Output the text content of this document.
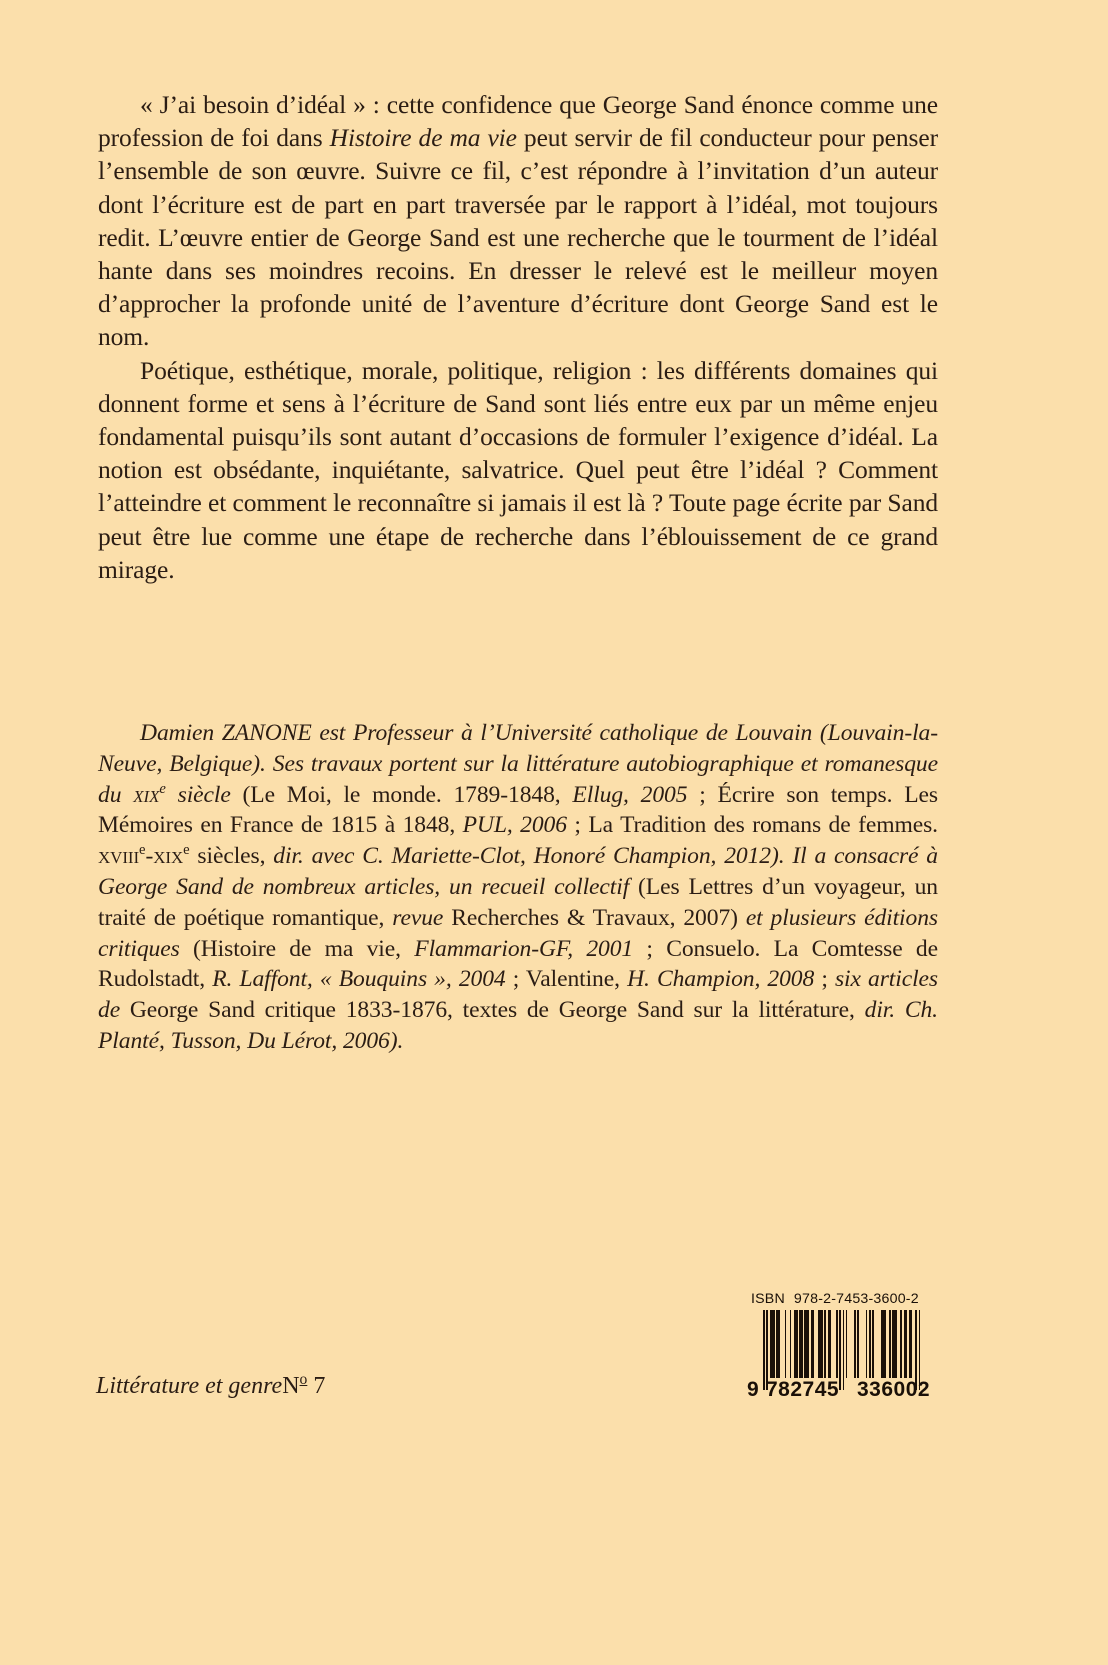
« J’ai besoin d’idéal » : cette confidence que George Sand énonce comme une profession de foi dans Histoire de ma vie peut servir de fil conducteur pour penser l’ensemble de son œuvre. Suivre ce fil, c’est répondre à l’invitation d’un auteur dont l’écriture est de part en part traversée par le rapport à l’idéal, mot toujours redit. L’œuvre entier de George Sand est une recherche que le tourment de l’idéal hante dans ses moindres recoins. En dresser le relevé est le meilleur moyen d’approcher la profonde unité de l’aventure d’écriture dont George Sand est le nom.

Poétique, esthétique, morale, politique, religion : les différents domaines qui donnent forme et sens à l’écriture de Sand sont liés entre eux par un même enjeu fondamental puisqu’ils sont autant d’occasions de formuler l’exigence d’idéal. La notion est obsédante, inquiétante, salvatrice. Quel peut être l’idéal ? Comment l’atteindre et comment le reconnaître si jamais il est là ? Toute page écrite par Sand peut être lue comme une étape de recherche dans l’éblouissement de ce grand mirage.

Damien ZANONE est Professeur à l’Université catholique de Louvain (Louvain-la-Neuve, Belgique). Ses travaux portent sur la littérature autobiographique et romanesque du xix$^e$ siècle (Le Moi, le monde. 1789-1848, Ellug, 2005 ; Écrire son temps. Les Mémoires en France de 1815 à 1848, PUL, 2006 ; La Tradition des romans de femmes. xviii$^e$-xix$^e$ siècles, dir. avec C. Mariette-Clot, Honoré Champion, 2012). Il a consacré à George Sand de nombreux articles, un recueil collectif (Les Lettres d’un voyageur, un traité de poétique romantique, revue Recherches & Travaux, 2007) et plusieurs éditions critiques (Histoire de ma vie, Flammarion-GF, 2001 ; Consuelo. La Comtesse de Rudolstadt, R. Laffont, « Bouquins », 2004 ; Valentine, H. Champion, 2008 ; six articles de George Sand critique 1833-1876, textes de George Sand sur la littérature, dir. Ch. Planté, Tusson, Du Lérot, 2006).

Littérature et genreN$^o$ 7
ISBN 978-2-7453-3600-2
9 782745 336002
